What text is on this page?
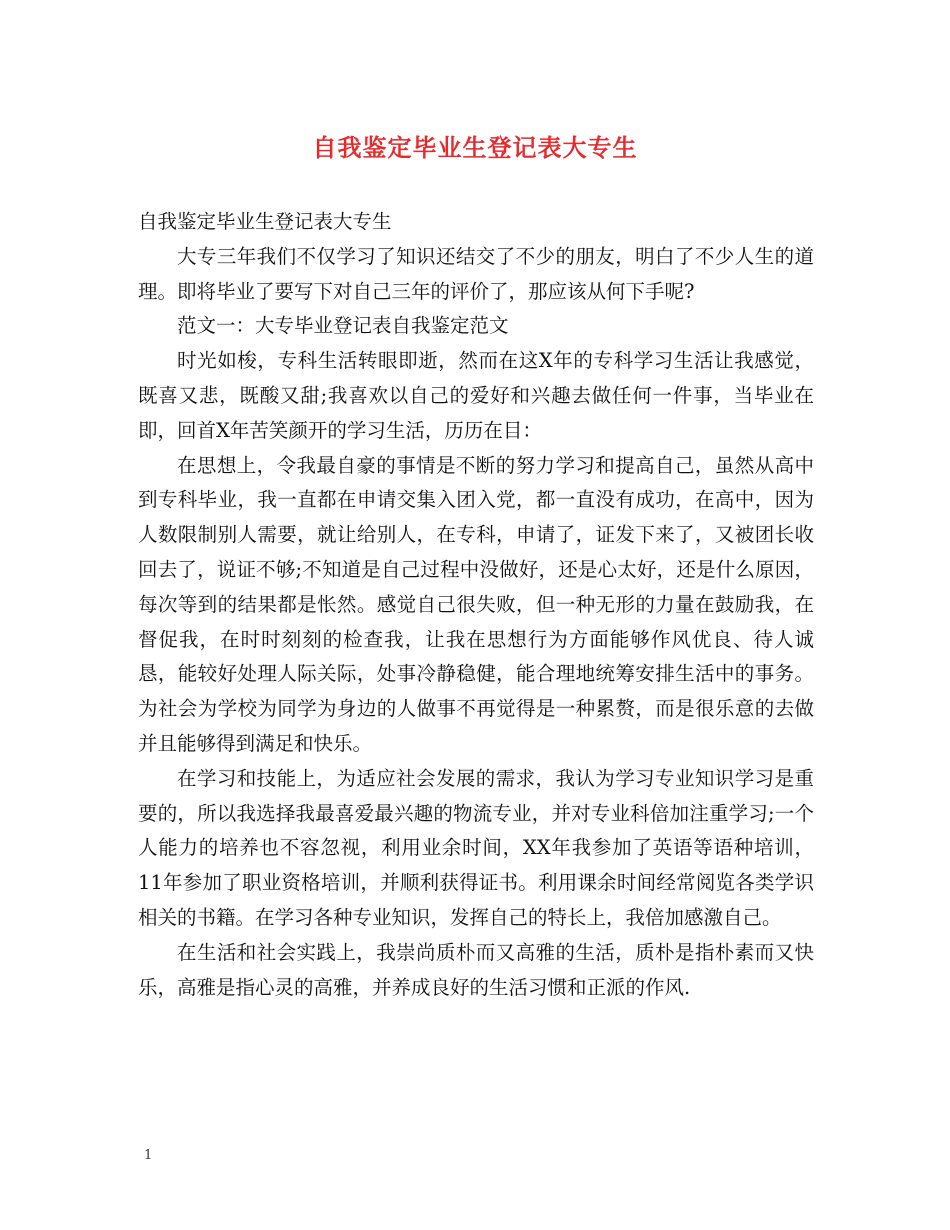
自我鉴定毕业生登记表大专生

自我鉴定毕业生登记表大专生

大专三年我们不仅学习了知识还结交了不少的朋友，明白了不少人生的道理。即将毕业了要写下对自己三年的评价了，那应该从何下手呢?

范文一：大专毕业登记表自我鉴定范文

时光如梭，专科生活转眼即逝，然而在这X年的专科学习生活让我感觉，既喜又悲，既酸又甜;我喜欢以自己的爱好和兴趣去做任何一件事，当毕业在即，回首X年苦笑颜开的学习生活，历历在目：

在思想上，令我最自豪的事情是不断的努力学习和提高自己，虽然从高中到专科毕业，我一直都在申请交集入团入党，都一直没有成功，在高中，因为人数限制别人需要，就让给别人，在专科，申请了，证发下来了，又被团长收回去了，说证不够;不知道是自己过程中没做好，还是心太好，还是什么原因，每次等到的结果都是怅然。感觉自己很失败，但一种无形的力量在鼓励我，在督促我，在时时刻刻的检查我，让我在思想行为方面能够作风优良、待人诚恳，能较好处理人际关际，处事冷静稳健，能合理地统筹安排生活中的事务。为社会为学校为同学为身边的人做事不再觉得是一种累赘，而是很乐意的去做并且能够得到满足和快乐。

在学习和技能上，为适应社会发展的需求，我认为学习专业知识学习是重要的，所以我选择我最喜爱最兴趣的物流专业，并对专业科倍加注重学习;一个人能力的培养也不容忽视，利用业余时间，XX年我参加了英语等语种培训，11年参加了职业资格培训，并顺利获得证书。利用课余时间经常阅览各类学识相关的书籍。在学习各种专业知识，发挥自己的特长上，我倍加感激自己。

在生活和社会实践上，我崇尚质朴而又高雅的生活，质朴是指朴素而又快乐，高雅是指心灵的高雅，并养成良好的生活习惯和正派的作风.

1
